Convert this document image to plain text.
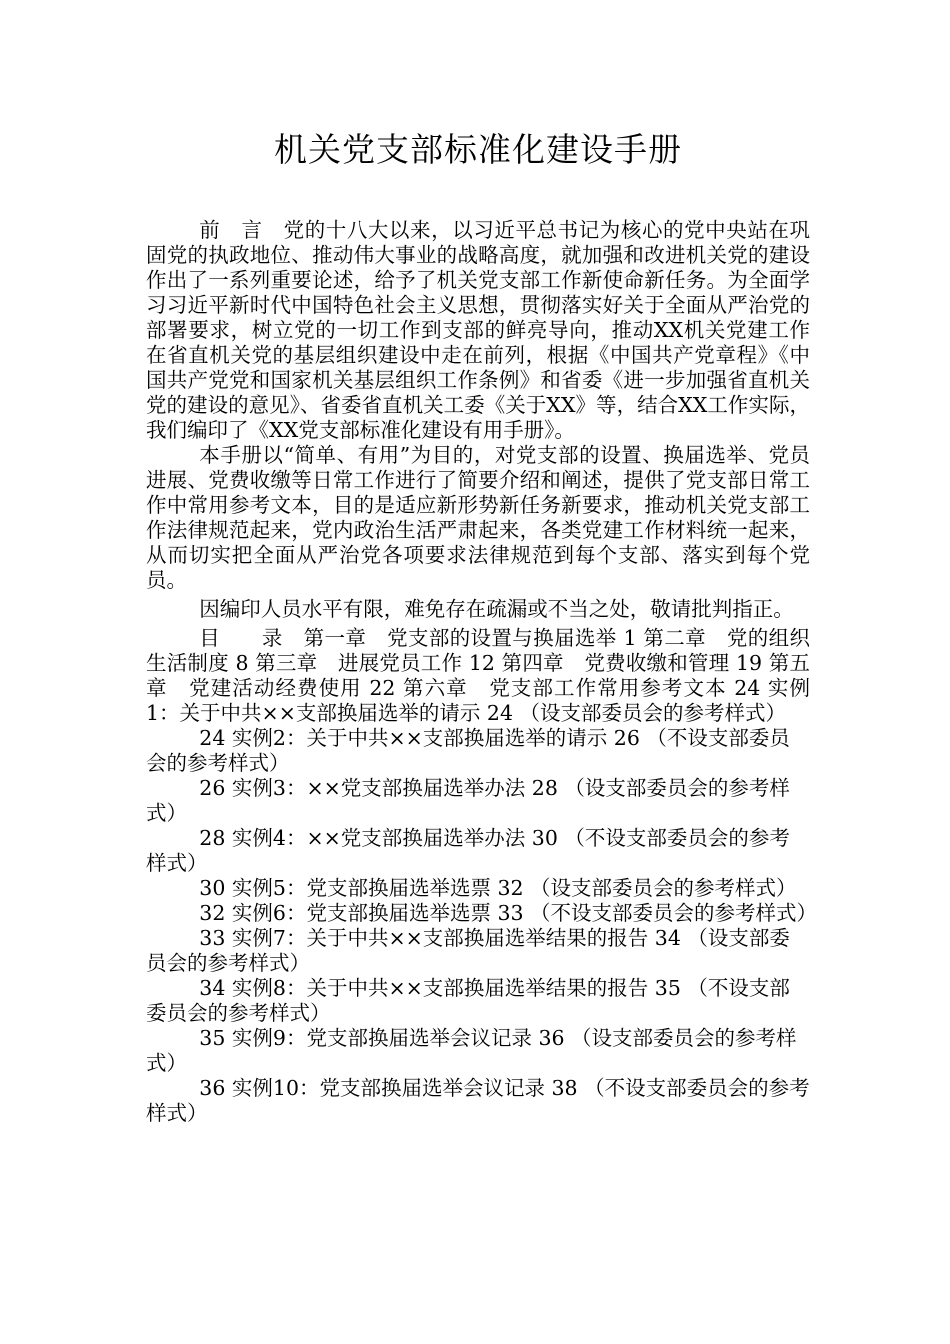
机关党支部标准化建设手册

前　言　党的十八大以来，以习近平总书记为核心的党中央站在巩固党的执政地位、推动伟大事业的战略高度，就加强和改进机关党的建设作出了一系列重要论述，给予了机关党支部工作新使命新任务。为全面学习习近平新时代中国特色社会主义思想，贯彻落实好关于全面从严治党的部署要求，树立党的一切工作到支部的鲜亮导向，推动XX机关党建工作在省直机关党的基层组织建设中走在前列，根据《中国共产党章程》《中国共产党党和国家机关基层组织工作条例》和省委《进一步加强省直机关党的建设的意见》、省委省直机关工委《关于XX》等，结合XX工作实际，我们编印了《XX党支部标准化建设有用手册》。

本手册以“简单、有用”为目的，对党支部的设置、换届选举、党员进展、党费收缴等日常工作进行了简要介绍和阐述，提供了党支部日常工作中常用参考文本，目的是适应新形势新任务新要求，推动机关党支部工作法律规范起来，党内政治生活严肃起来，各类党建工作材料统一起来，从而切实把全面从严治党各项要求法律规范到每个支部、落实到每个党员。

因编印人员水平有限，难免存在疏漏或不当之处，敬请批判指正。

目　　录　第一章　党支部的设置与换届选举 1 第二章　党的组织生活制度 8 第三章　进展党员工作 12 第四章　党费收缴和管理 19 第五章　党建活动经费使用 22 第六章　党支部工作常用参考文本 24 实例1：关于中共××支部换届选举的请示 24 （设支部委员会的参考样式）

24 实例2：关于中共××支部换届选举的请示 26 （不设支部委员会的参考样式）

26 实例3：××党支部换届选举办法 28 （设支部委员会的参考样式）

28 实例4：××党支部换届选举办法 30 （不设支部委员会的参考样式）

30 实例5：党支部换届选举选票 32 （设支部委员会的参考样式）

32 实例6：党支部换届选举选票 33 （不设支部委员会的参考样式）

33 实例7：关于中共××支部换届选举结果的报告 34 （设支部委员会的参考样式）

34 实例8：关于中共××支部换届选举结果的报告 35 （不设支部委员会的参考样式）

35 实例9：党支部换届选举会议记录 36 （设支部委员会的参考样式）

36 实例10：党支部换届选举会议记录 38 （不设支部委员会的参考样式）
